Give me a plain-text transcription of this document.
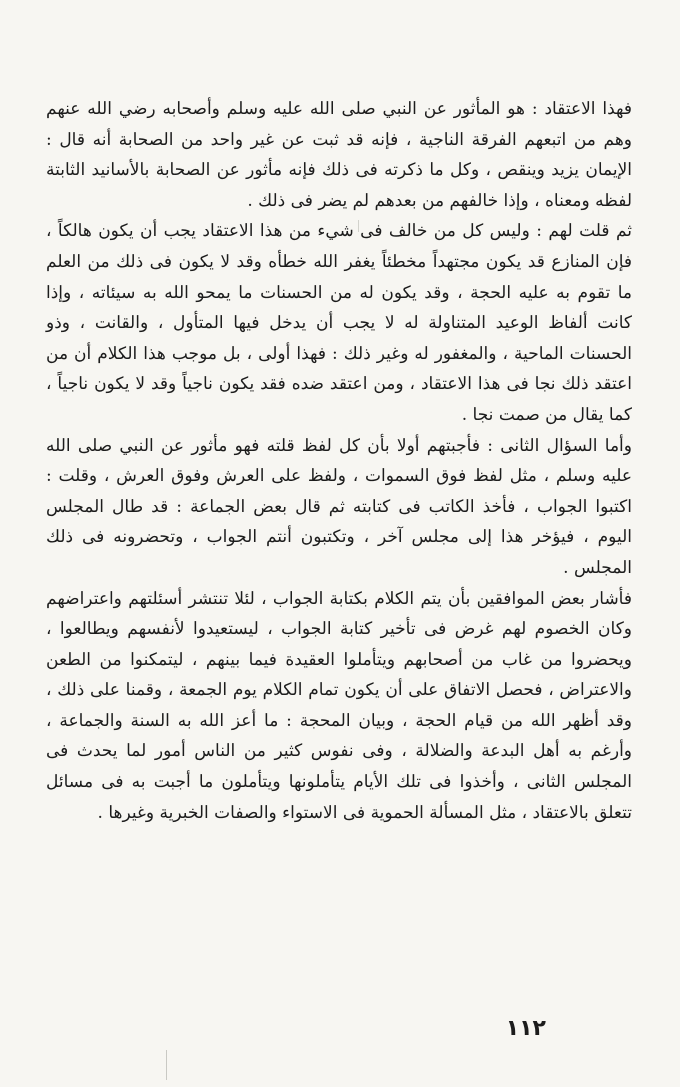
فهذا الاعتقاد : هو المأثور عن النبي صلى الله عليه وسلم وأصحابه رضي الله عنهم وهم من اتبعهم الفرقة الناجية ، فإنه قد ثبت عن غير واحد من الصحابة أنه قال : الإيمان يزيد وينقص ، وكل ما ذكرته فى ذلك فإنه مأثور عن الصحابة بالأسانيد الثابتة لفظه ومعناه ، وإذا خالفهم من بعدهم لم يضر فى ذلك .

ثم قلت لهم : وليس كل من خالف فى شيء من هذا الاعتقاد يجب أن يكون هالكاً ، فإن المنازع قد يكون مجتهداً مخطئاً يغفر الله خطأه وقد لا يكون فى ذلك من العلم ما تقوم به عليه الحجة ، وقد يكون له من الحسنات ما يمحو الله به سيئاته ، وإذا كانت ألفاظ الوعيد المتناولة له لا يجب أن يدخل فيها المتأول ، والقانت ، وذو الحسنات الماحية ، والمغفور له وغير ذلك : فهذا أولى ، بل موجب هذا الكلام أن من اعتقد ذلك نجا فى هذا الاعتقاد ، ومن اعتقد ضده فقد يكون ناجياً وقد لا يكون ناجياً ، كما يقال من صمت نجا .

وأما السؤال الثانى : فأجبتهم أولا بأن كل لفظ قلته فهو مأثور عن النبي صلى الله عليه وسلم ، مثل لفظ فوق السموات ، ولفظ على العرش وفوق العرش ، وقلت : اكتبوا الجواب ، فأخذ الكاتب فى كتابته ثم قال بعض الجماعة : قد طال المجلس اليوم ، فيؤخر هذا إلى مجلس آخر ، وتكتبون أنتم الجواب ، وتحضرونه فى ذلك المجلس .

فأشار بعض الموافقين بأن يتم الكلام بكتابة الجواب ، لئلا تنتشر أسئلتهم واعتراضهم وكان الخصوم لهم غرض فى تأخير كتابة الجواب ، ليستعيدوا لأنفسهم ويطالعوا ، ويحضروا من غاب من أصحابهم ويتأملوا العقيدة فيما بينهم ، ليتمكنوا من الطعن والاعتراض ، فحصل الاتفاق على أن يكون تمام الكلام يوم الجمعة ، وقمنا على ذلك ، وقد أظهر الله من قيام الحجة ، وبيان المحجة : ما أعز الله به السنة والجماعة ، وأرغم به أهل البدعة والضلالة ، وفى نفوس كثير من الناس أمور لما يحدث فى المجلس الثانى ، وأخذوا فى تلك الأيام يتأملونها ويتأملون ما أجبت به فى مسائل تتعلق بالاعتقاد ، مثل المسألة الحموية فى الاستواء والصفات الخبرية وغيرها .

١١٢
